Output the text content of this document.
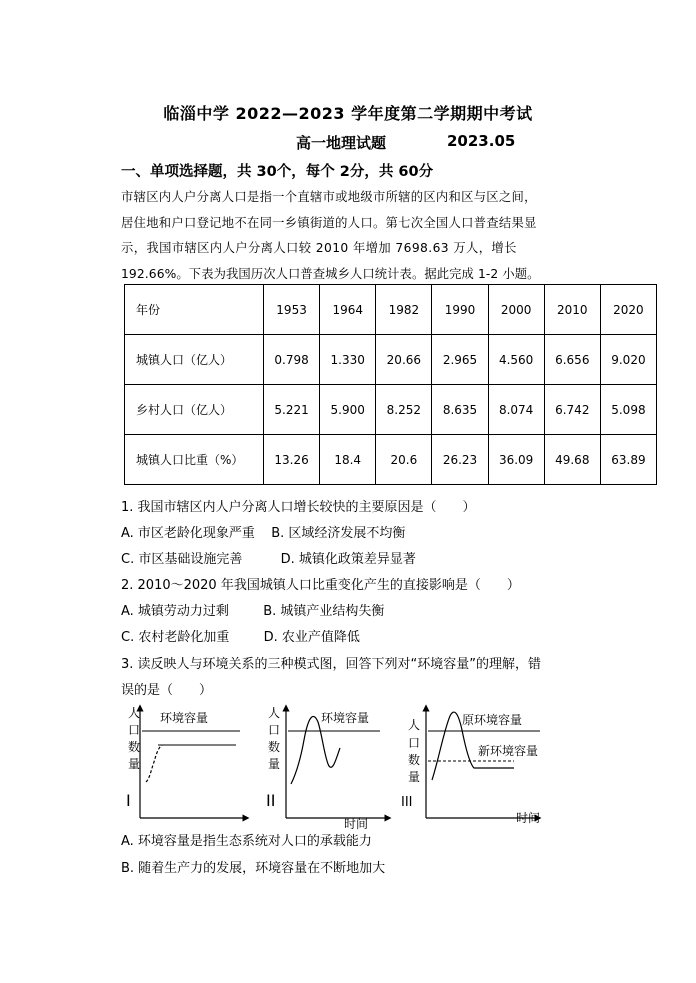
临淄中学 2022—2023 学年度第二学期期中考试
高一地理试题	2023.05
一、单项选择题，共 30个，每个 2分，共 60分

市辖区内人户分离人口是指一个直辖市或地级市所辖的区内和区与区之间，

居住地和户口登记地不在同一乡镇街道的人口。第七次全国人口普查结果显

示，我国市辖区内人户分离人口较 2010 年增加 7698.63 万人，增长

192.66%。下表为我国历次人口普查城乡人口统计表。据此完成 1-2 小题。

年份	1953	1964	1982	1990	2000	2010	2020
城镇人口（亿人）	0.798	1.330	20.66	2.965	4.560	6.656	9.020
乡村人口（亿人）	5.221	5.900	8.252	8.635	8.074	6.742	5.098
城镇人口比重（%）	13.26	18.4	20.6	26.23	36.09	49.68	63.89
1. 我国市辖区内人户分离人口增长较快的主要原因是（　　）
A. 市区老龄化现象严重 B. 区域经济发展不均衡
C. 市区基础设施完善	D. 城镇化政策差异显著
2. 2010～2020 年我国城镇人口比重变化产生的直接影响是（　　）
A. 城镇劳动力过剩	B. 城镇产业结构失衡
C. 农村老龄化加重	D. 农业产值降低
3. 读反映人与环境关系的三种模式图，回答下列对“环境容量”的理解，错
误的是（　　）
人
口
数
量
I
环境容量	人
口
数
量
II
环境容量
时间
人
口
数
量
III
原环境容量
新环境容量
时间
A. 环境容量是指生态系统对人口的承载能力
B. 随着生产力的发展，环境容量在不断地加大
